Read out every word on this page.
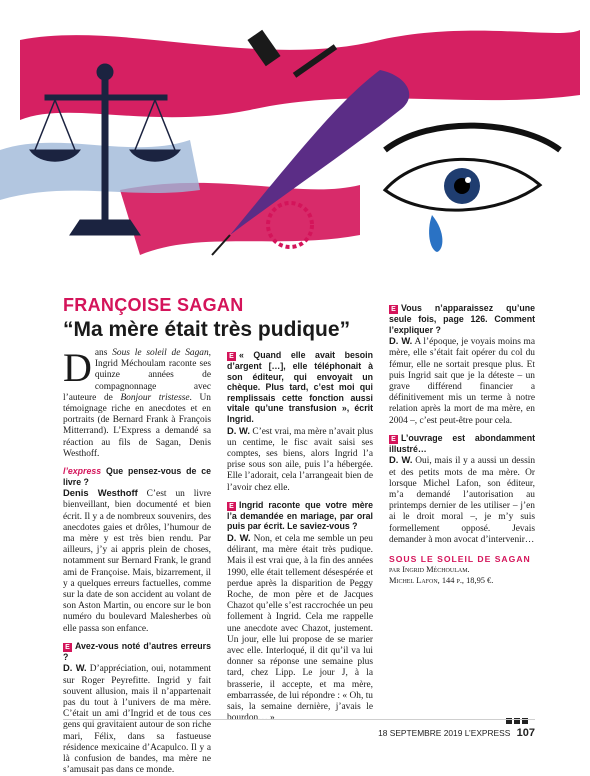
FRANÇOISE SAGAN
“Ma mère était très pudique”

Dans Sous le soleil de Sagan, Ingrid Méchoulam raconte ses quinze années de compagnonnage avec l’auteure de Bonjour tristesse. Un témoignage riche en anecdotes et en portraits (de Bernard Frank à François Mitterrand). L’Express a demandé sa réaction au fils de Sagan, Denis Westhoff.

l’express Que pensez-vous de ce livre ?

Denis Westhoff C’est un livre bienveillant, bien documenté et bien écrit. Il y a de nombreux souvenirs, des anecdotes gaies et drôles, l’humour de ma mère y est très bien rendu. Par ailleurs, j’y ai appris plein de choses, notamment sur Bernard Frank, le grand ami de Françoise. Mais, bizarrement, il y a quelques erreurs factuelles, comme sur la date de son accident au volant de son Aston Martin, ou encore sur le bon numéro du boulevard Malesherbes où elle passa son enfance.

E Avez-vous noté d’autres erreurs ?

D. W. D’appréciation, oui, notamment sur Roger Peyrefitte. Ingrid y fait souvent allusion, mais il n’appartenait pas du tout à l’univers de ma mère. C’était un ami d’Ingrid et de tous ces gens qui gravitaient autour de son riche mari, Félix, dans sa fastueuse résidence mexicaine d’Acapulco. Il y a là confusion de bandes, ma mère ne s’amusait pas dans ce monde.

E « Quand elle avait besoin d’argent […], elle téléphonait à son éditeur, qui envoyait un chèque. Plus tard, c’est moi qui remplissais cette fonction aussi vitale qu’une transfusion », écrit Ingrid.

D. W. C’est vrai, ma mère n’avait plus un centime, le fisc avait saisi ses comptes, ses biens, alors Ingrid l’a prise sous son aile, puis l’a hébergée. Elle l’adorait, cela l’arrangeait bien de l’avoir chez elle.

E Ingrid raconte que votre mère l’a demandée en mariage, par oral puis par écrit. Le saviez-vous ?

D. W. Non, et cela me semble un peu délirant, ma mère était très pudique. Mais il est vrai que, à la fin des années 1990, elle était tellement désespérée et perdue après la disparition de Peggy Roche, de mon père et de Jacques Chazot qu’elle s’est raccrochée un peu follement à Ingrid. Cela me rappelle une anecdote avec Chazot, justement. Un jour, elle lui propose de se marier avec elle. Interloqué, il dit qu’il va lui donner sa réponse une semaine plus tard, chez Lipp. Le jour J, à la brasserie, il accepte, et ma mère, embarrassée, de lui répondre : « Oh, tu sais, la semaine dernière, j’avais le

E Vous n’apparaissez qu’une seule fois, page 126. Comment l’expliquer ?

D. W. A l’époque, je voyais moins ma mère, elle s’était fait opérer du col du fémur, elle ne sortait presque plus. Et puis Ingrid sait que je la déteste – un grave différend financier a définitivement mis un terme à notre relation après la mort de ma mère, en 2004 –, c’est peut-être pour cela.

E L’ouvrage est abondamment illustré…

D. W. Oui, mais il y a aussi un dessin et des petits mots de ma mère. Or lorsque Michel Lafon, son éditeur, m’a demandé l’autorisation au printemps dernier de les utiliser – j’en ai le droit moral –, je m’y suis formellement opposé. Jevais demander à mon avocat d’intervenir…

SOUS LE SOLEIL DE SAGAN
par Ingrid Méchoulam.
Michel Lafon, 144 p., 18,95 €.
18 SEPTEMBRE 2019 L’EXPRESS 107
